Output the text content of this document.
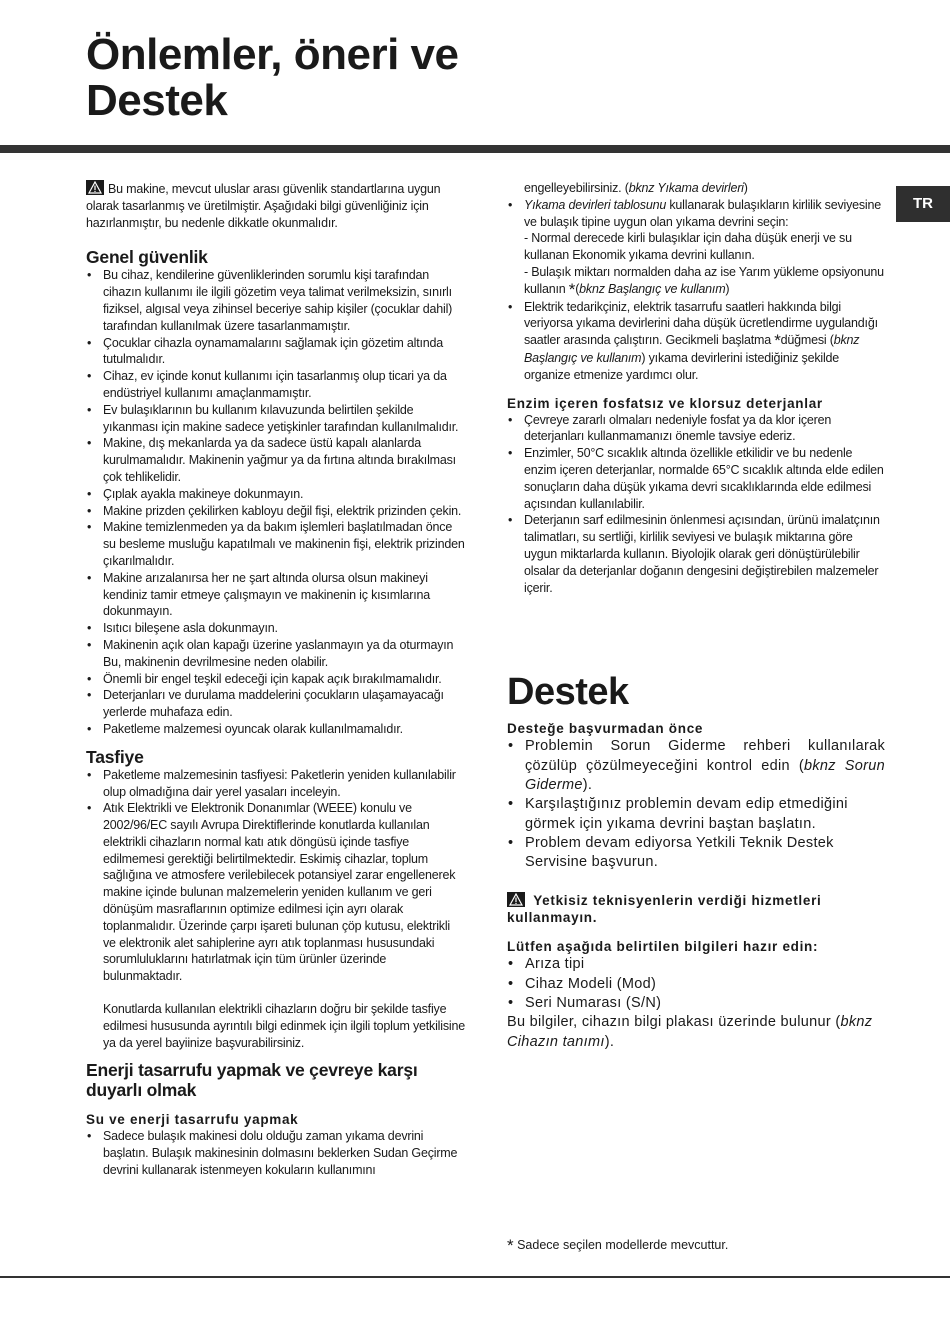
Önlemler, öneri ve
Destek
TR

Bu makine, mevcut uluslar arası güvenlik standartlarına uygun olarak tasarlanmış ve üretilmiştir. Aşağıdaki bilgi güvenliğiniz için hazırlanmıştır, bu nedenle dikkatle okunmalıdır.

Genel güvenlik
• Bu cihaz, kendilerine güvenliklerinden sorumlu kişi tarafından cihazın kullanımı ile ilgili gözetim veya talimat verilmeksizin, sınırlı fiziksel, algısal veya zihinsel beceriye sahip kişiler (çocuklar dahil) tarafından kullanılmak üzere tasarlanmamıştır.
• Çocuklar cihazla oynamamalarını sağlamak için gözetim altında tutulmalıdır.
• Cihaz, ev içinde konut kullanımı için tasarlanmış olup ticari ya da endüstriyel kullanımı amaçlanmamıştır.
• Ev bulaşıklarının bu kullanım kılavuzunda belirtilen şekilde yıkanması için makine sadece yetişkinler tarafından kullanılmalıdır.
• Makine, dış mekanlarda ya da sadece üstü kapalı alanlarda kurulmamalıdır. Makinenin yağmur ya da fırtına altında bırakılması çok tehlikelidir.
• Çıplak ayakla makineye dokunmayın.
• Makine prizden çekilirken kabloyu değil fişi, elektrik prizinden çekin.
• Makine temizlenmeden ya da bakım işlemleri başlatılmadan önce su besleme musluğu kapatılmalı ve makinenin fişi, elektrik prizinden çıkarılmalıdır.
• Makine arızalanırsa her ne şart altında olursa olsun makineyi kendiniz tamir etmeye çalışmayın ve makinenin iç kısımlarına dokunmayın.
• Isıtıcı bileşene asla dokunmayın.
• Makinenin açık olan kapağı üzerine yaslanmayın ya da oturmayın Bu, makinenin devrilmesine neden olabilir.
• Önemli bir engel teşkil edeceği için kapak açık bırakılmamalıdır.
• Deterjanları ve durulama maddelerini çocukların ulaşamayacağı yerlerde muhafaza edin.
• Paketleme malzemesi oyuncak olarak kullanılmamalıdır.
Tasfiye
• Paketleme malzemesinin tasfiyesi: Paketlerin yeniden kullanılabilir olup olmadığına dair yerel yasaları inceleyin.
• Atık Elektrikli ve Elektronik Donanımlar (WEEE) konulu ve 2002/96/EC sayılı Avrupa Direktiflerinde konutlarda kullanılan elektrikli cihazların normal katı atık döngüsü içinde tasfiye edilmemesi gerektiği belirtilmektedir. Eskimiş cihazlar, toplum sağlığına ve atmosfere verilebilecek potansiyel zarar engellenerek makine içinde bulunan malzemelerin yeniden kullanım ve geri dönüşüm masraflarının optimize edilmesi için ayrı olarak toplanmalıdır. Üzerinde çarpı işareti bulunan çöp kutusu, elektrikli ve elektronik alet sahiplerine ayrı atık toplanması hususundaki sorumluluklarını hatırlatmak için tüm ürünler üzerinde bulunmaktadır.

Konutlarda kullanılan elektrikli cihazların doğru bir şekilde tasfiye edilmesi hususunda ayrıntılı bilgi edinmek için ilgili toplum yetkilisine ya da yerel bayiinize başvurabilirsiniz.

Enerji tasarrufu yapmak ve çevreye karşı duyarlı olmak
Su ve enerji tasarrufu yapmak
• Sadece bulaşık makinesi dolu olduğu zaman yıkama devrini başlatın. Bulaşık makinesinin dolmasını beklerken Sudan Geçirme devrini kullanarak istenmeyen kokuların kullanımını

engelleyebilirsiniz. (bknz Yıkama devirleri)

• Yıkama devirleri tablosunu kullanarak bulaşıkların kirlilik seviyesine ve bulaşık tipine uygun olan yıkama devrini seçin:
- Normal derecede kirli bulaşıklar için daha düşük enerji ve su kullanan Ekonomik yıkama devrini kullanın.
- Bulaşık miktarı normalden daha az ise Yarım yükleme opsiyonunu kullanın *(bknz Başlangıç ve kullanım)
• Elektrik tedarikçiniz, elektrik tasarrufu saatleri hakkında bilgi veriyorsa yıkama devirlerini daha düşük ücretlendirme uygulandığı saatler arasında çalıştırın. Gecikmeli başlatma *düğmesi (bknz Başlangıç ve kullanım) yıkama devirlerini istediğiniz şekilde organize etmenize yardımcı olur.
Enzim içeren fosfatsız ve klorsuz deterjanlar
• Çevreye zararlı olmaları nedeniyle fosfat ya da klor içeren deterjanları kullanmamanızı önemle tavsiye ederiz.
• Enzimler, 50°C sıcaklık altında özellikle etkilidir ve bu nedenle enzim içeren deterjanlar, normalde 65°C sıcaklık altında elde edilen sonuçların daha düşük yıkama devri sıcaklıklarında elde edilmesi açısından kullanılabilir.
• Deterjanın sarf edilmesinin önlenmesi açısından, ürünü imalatçının talimatları, su sertliği, kirlilik seviyesi ve bulaşık miktarına göre uygun miktarlarda kullanın. Biyolojik olarak geri dönüştürülebilir olsalar da deterjanlar doğanın dengesini değiştirebilen malzemeler içerir.
Destek
Desteğe başvurmadan önce
• Problemin Sorun Giderme rehberi kullanılarak çözülüp çözülmeyeceğini kontrol edin (bknz Sorun Giderme).
• Karşılaştığınız problemin devam edip etmediğini görmek için yıkama devrini baştan başlatın.
• Problem devam ediyorsa Yetkili Teknik Destek Servisine başvurun.
Yetkisiz teknisyenlerin verdiği hizmetleri kullanmayın.
Lütfen aşağıda belirtilen bilgileri hazır edin:
• Arıza tipi
• Cihaz Modeli (Mod)
• Seri Numarası (S/N)

Bu bilgiler, cihazın bilgi plakası üzerinde bulunur (bknz Cihazın tanımı).

* Sadece seçilen modellerde mevcuttur.
